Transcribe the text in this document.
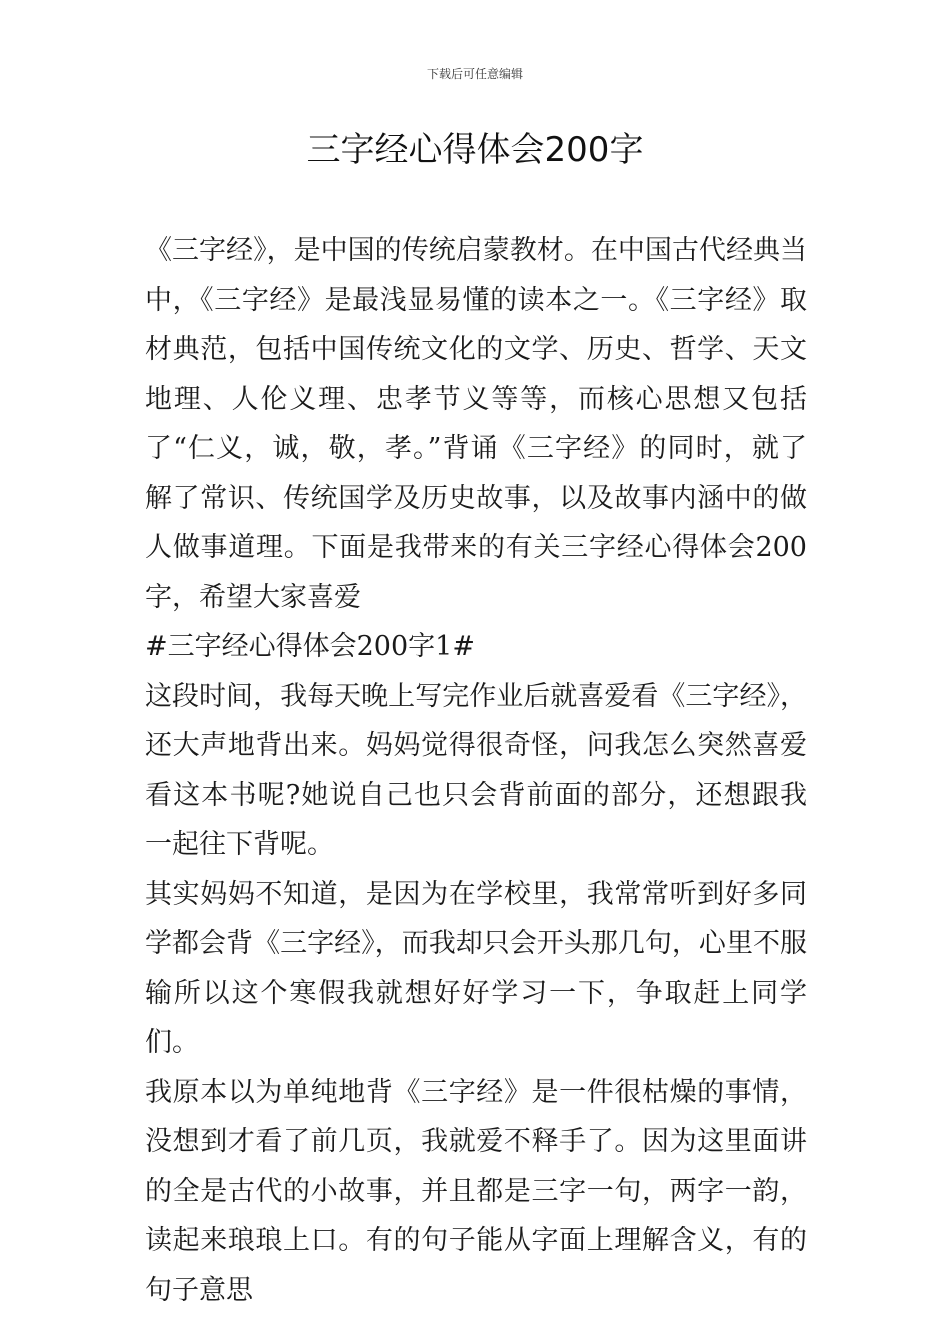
下载后可任意编辑
三字经心得体会200字

《三字经》，是中国的传统启蒙教材。在中国古代经典当中，《三字经》是最浅显易懂的读本之一。《三字经》取材典范，包括中国传统文化的文学、历史、哲学、天文地理、人伦义理、忠孝节义等等，而核心思想又包括了“仁义，诚，敬，孝。”背诵《三字经》的同时，就了解了常识、传统国学及历史故事，以及故事内涵中的做人做事道理。下面是我带来的有关三字经心得体会200字，希望大家喜爱

#三字经心得体会200字1#

这段时间，我每天晚上写完作业后就喜爱看《三字经》，还大声地背出来。妈妈觉得很奇怪，问我怎么突然喜爱看这本书呢?她说自己也只会背前面的部分，还想跟我一起往下背呢。

其实妈妈不知道，是因为在学校里，我常常听到好多同学都会背《三字经》，而我却只会开头那几句，心里不服输所以这个寒假我就想好好学习一下，争取赶上同学们。

我原本以为单纯地背《三字经》是一件很枯燥的事情，没想到才看了前几页，我就爱不释手了。因为这里面讲的全是古代的小故事，并且都是三字一句，两字一韵，读起来琅琅上口。有的句子能从字面上理解含义，有的句子意思
